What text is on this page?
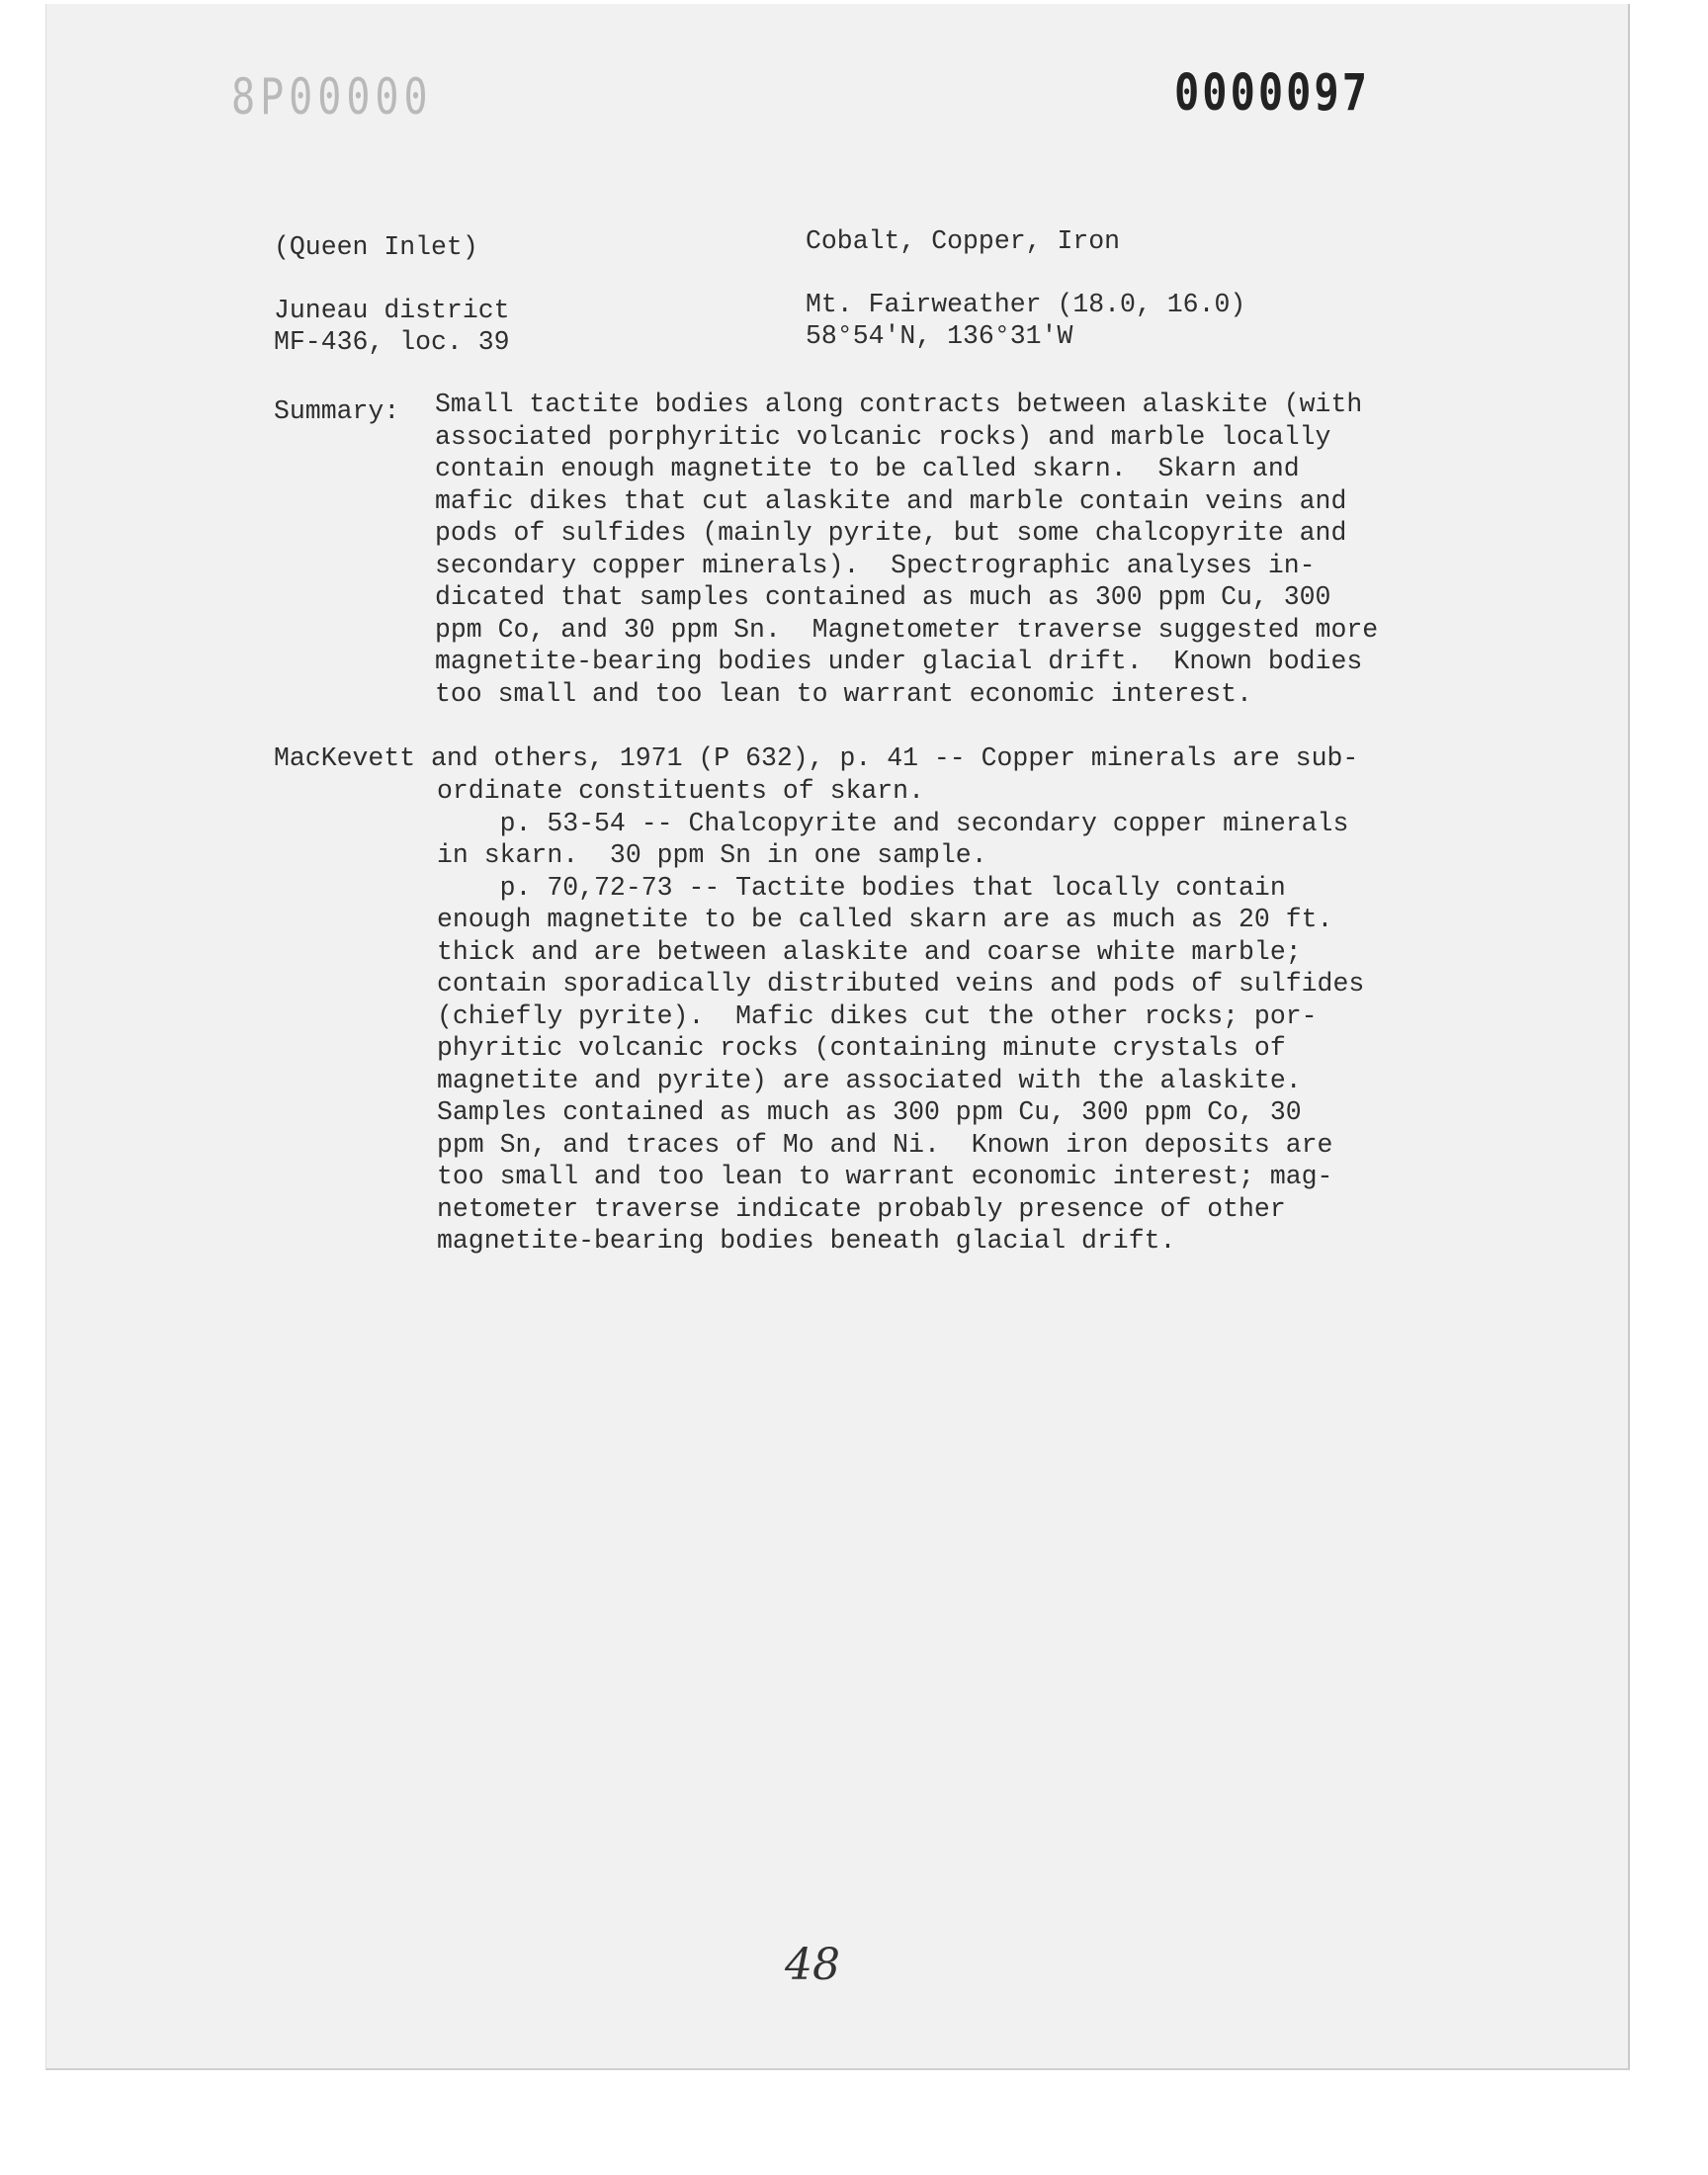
8P00000	0000097
(Queen Inlet)	Cobalt, Copper, Iron
Juneau district
MF-436, loc. 39
Mt. Fairweather (18.0, 16.0)
58°54'N, 136°31'W
Summary: Small tactite bodies along contracts between alaskite (with
associated porphyritic volcanic rocks) and marble locally
contain enough magnetite to be called skarn.  Skarn and
mafic dikes that cut alaskite and marble contain veins and
pods of sulfides (mainly pyrite, but some chalcopyrite and
secondary copper minerals).  Spectrographic analyses in-
dicated that samples contained as much as 300 ppm Cu, 300
ppm Co, and 30 ppm Sn.  Magnetometer traverse suggested more
magnetite-bearing bodies under glacial drift.  Known bodies
too small and too lean to warrant economic interest.
MacKevett and others, 1971 (P 632), p. 41 -- Copper minerals are sub-
ordinate constituents of skarn.
p. 53-54 -- Chalcopyrite and secondary copper minerals
in skarn.  30 ppm Sn in one sample.
p. 70,72-73 -- Tactite bodies that locally contain
enough magnetite to be called skarn are as much as 20 ft.
thick and are between alaskite and coarse white marble;
contain sporadically distributed veins and pods of sulfides
(chiefly pyrite).  Mafic dikes cut the other rocks; por-
phyritic volcanic rocks (containing minute crystals of
magnetite and pyrite) are associated with the alaskite.
Samples contained as much as 300 ppm Cu, 300 ppm Co, 30
ppm Sn, and traces of Mo and Ni.  Known iron deposits are
too small and too lean to warrant economic interest; mag-
netometer traverse indicate probably presence of other
magnetite-bearing bodies beneath glacial drift.
48
